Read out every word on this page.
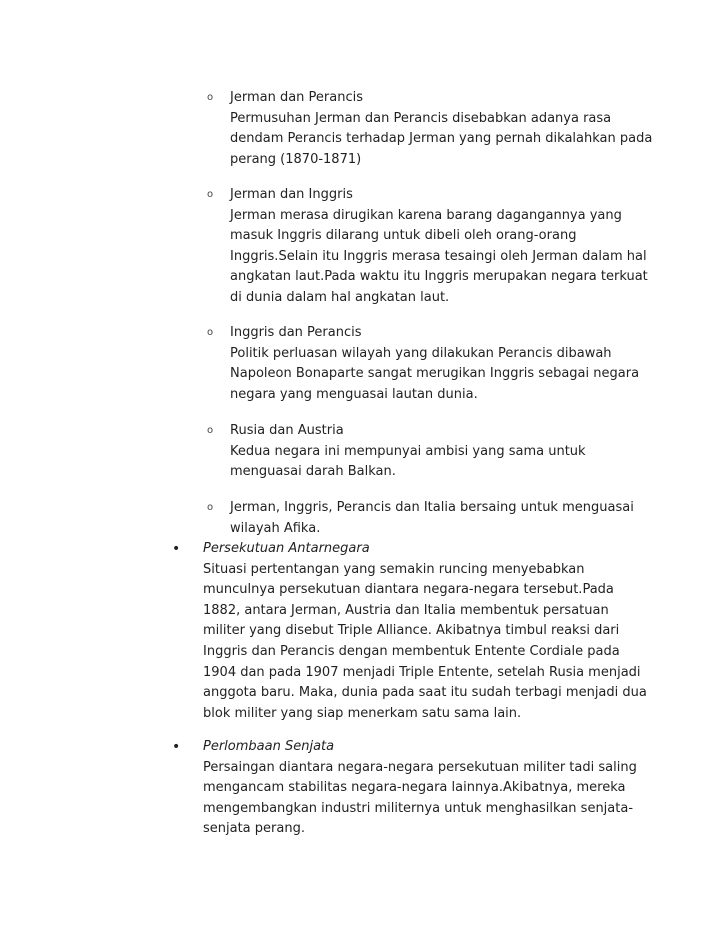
o	Jerman dan Perancis
Permusuhan Jerman dan Perancis disebabkan adanya rasa
dendam Perancis terhadap Jerman yang pernah dikalahkan pada
perang (1870-1871)
o	Jerman dan Inggris
Jerman merasa dirugikan karena barang dagangannya yang
masuk Inggris dilarang untuk dibeli oleh orang-orang
Inggris.Selain itu Inggris merasa tesaingi oleh Jerman dalam hal
angkatan laut.Pada waktu itu Inggris merupakan negara terkuat
di dunia dalam hal angkatan laut.
o	Inggris dan Perancis
Politik perluasan wilayah yang dilakukan Perancis dibawah
Napoleon Bonaparte sangat merugikan Inggris sebagai negara
negara yang menguasai lautan dunia.
o	Rusia dan Austria
Kedua negara ini mempunyai ambisi yang sama untuk
menguasai darah Balkan.
o	Jerman, Inggris, Perancis dan Italia bersaing untuk menguasai
wilayah Afika.
•	Persekutuan Antarnegara
Situasi pertentangan yang semakin runcing menyebabkan
munculnya persekutuan diantara negara-negara tersebut.Pada
1882, antara Jerman, Austria dan Italia membentuk persatuan
militer yang disebut Triple Alliance. Akibatnya timbul reaksi dari
Inggris dan Perancis dengan membentuk Entente Cordiale pada
1904 dan pada 1907 menjadi Triple Entente, setelah Rusia menjadi
anggota baru. Maka, dunia pada saat itu sudah terbagi menjadi dua
blok militer yang siap menerkam satu sama lain.
•	Perlombaan Senjata
Persaingan diantara negara-negara persekutuan militer tadi saling
mengancam stabilitas negara-negara lainnya.Akibatnya, mereka
mengembangkan industri militernya untuk menghasilkan senjata-
senjata perang.
